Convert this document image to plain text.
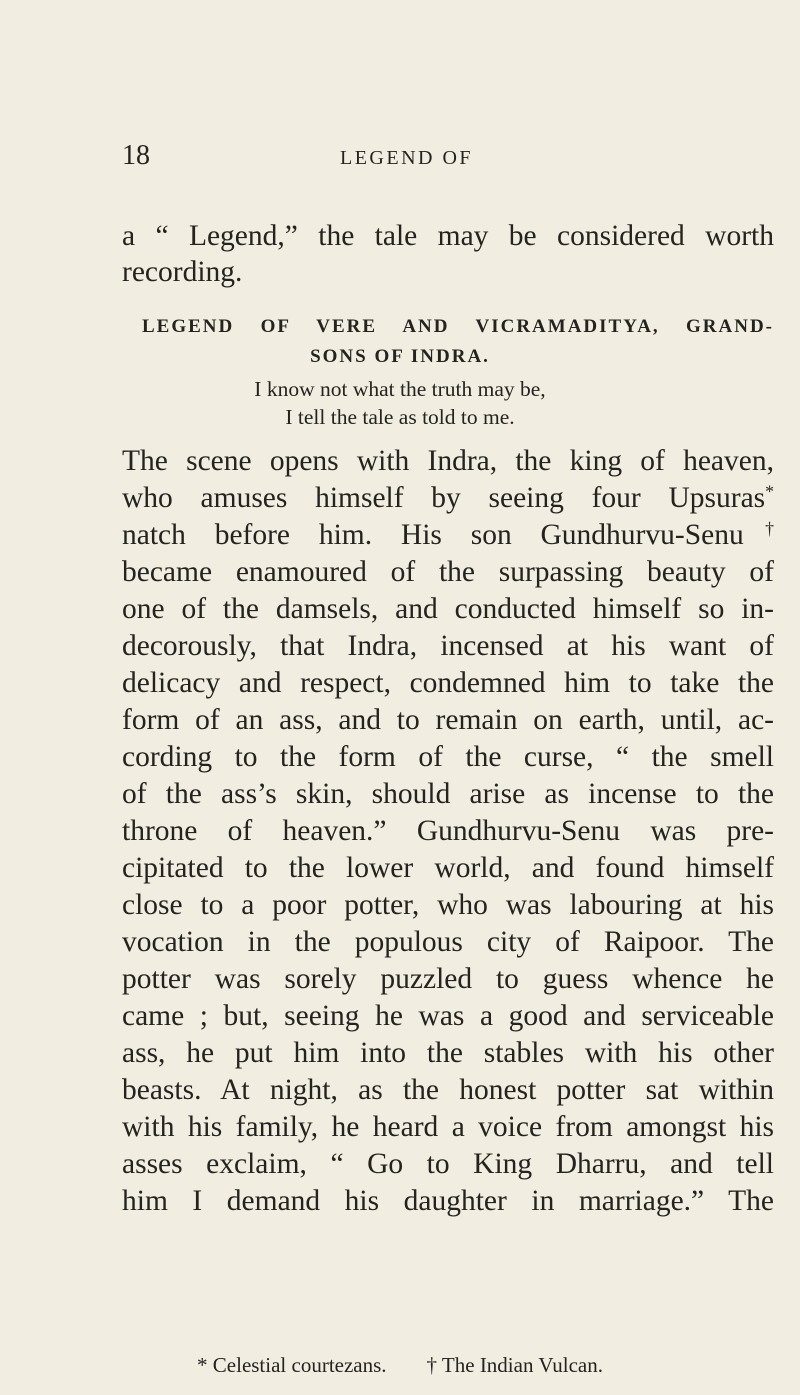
18	LEGEND OF

a “ Legend,” the tale may be considered worth

recording.

LEGEND OF VERE AND VICRAMADITYA, GRAND-
SONS OF INDRA.
I know not what the truth may be,
I tell the tale as told to me.

The scene opens with Indra, the king of heaven,

who amuses himself by seeing four Upsuras*

natch before him. His son Gundhurvu-Senu†

became enamoured of the surpassing beauty of

one of the damsels, and conducted himself so in-

decorously, that Indra, incensed at his want of

delicacy and respect, condemned him to take the

form of an ass, and to remain on earth, until, ac-

cording to the form of the curse, “ the smell

of the ass’s skin, should arise as incense to the

throne of heaven.” Gundhurvu-Senu was pre-

cipitated to the lower world, and found himself

close to a poor potter, who was labouring at his

vocation in the populous city of Raipoor. The

potter was sorely puzzled to guess whence he

came ; but, seeing he was a good and serviceable

ass, he put him into the stables with his other

beasts. At night, as the honest potter sat within

with his family, he heard a voice from amongst his

asses exclaim, “ Go to King Dharru, and tell

him I demand his daughter in marriage.” The

* Celestial courtezans. † The Indian Vulcan.
